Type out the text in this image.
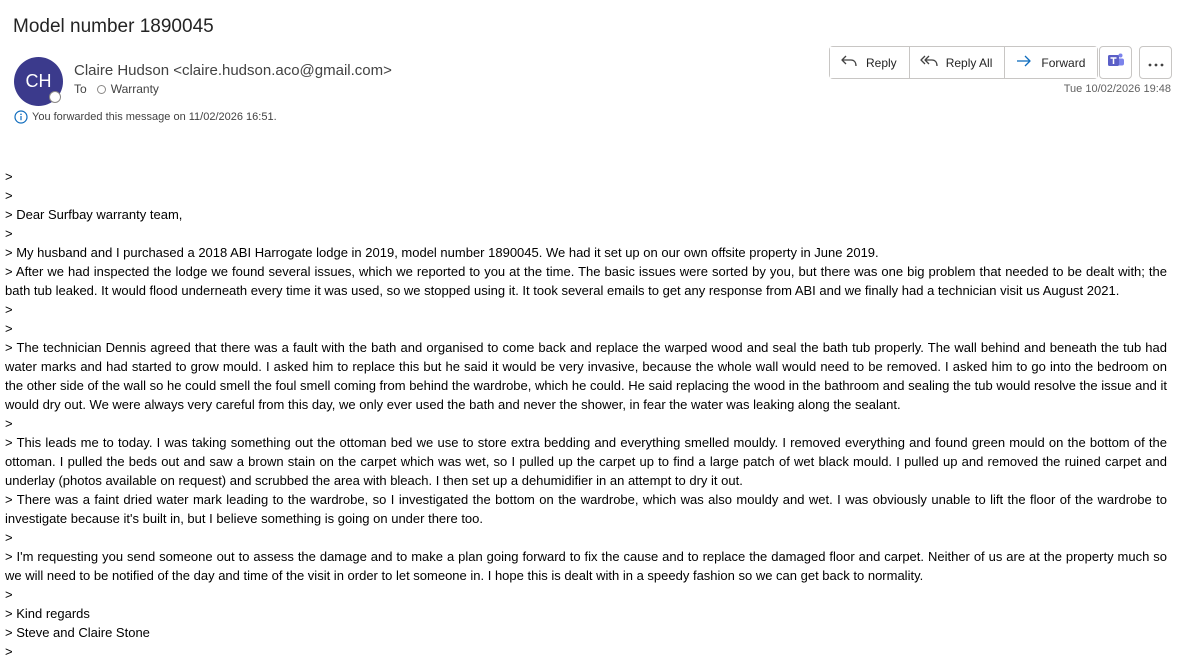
Model number 1890045
CH
Claire Hudson <claire.hudson.aco@gmail.com>
To Warranty
You forwarded this message on 11/02/2026 16:51.
Reply	Reply All	Forward
Tue 10/02/2026 19:48

>

>

> Dear Surfbay warranty team,

>

> My husband and I purchased a 2018 ABI Harrogate lodge in 2019, model number 1890045. We had it set up on our own offsite property in June 2019.

> After we had inspected the lodge we found several issues, which we reported to you at the time. The basic issues were sorted by you, but there was one big problem that needed to be dealt with; the bath tub leaked. It would flood underneath every time it was used, so we stopped using it. It took several emails to get any response from ABI and we finally had a technician visit us August 2021.

>

>

> The technician Dennis agreed that there was a fault with the bath and organised to come back and replace the warped wood and seal the bath tub properly. The wall behind and beneath the tub had water marks and had started to grow mould. I asked him to replace this but he said it would be very invasive, because the whole wall would need to be removed. I asked him to go into the bedroom on the other side of the wall so he could smell the foul smell coming from behind the wardrobe, which he could. He said replacing the wood in the bathroom and sealing the tub would resolve the issue and it would dry out. We were always very careful from this day, we only ever used the bath and never the shower, in fear the water was leaking along the sealant.

>

> This leads me to today. I was taking something out the ottoman bed we use to store extra bedding and everything smelled mouldy. I removed everything and found green mould on the bottom of the ottoman. I pulled the beds out and saw a brown stain on the carpet which was wet, so I pulled up the carpet up to find a large patch of wet black mould. I pulled up and removed the ruined carpet and underlay (photos available on request) and scrubbed the area with bleach. I then set up a dehumidifier in an attempt to dry it out.

> There was a faint dried water mark leading to the wardrobe, so I investigated the bottom on the wardrobe, which was also mouldy and wet. I was obviously unable to lift the floor of the wardrobe to investigate because it's built in, but I believe something is going on under there too.

>

> I'm requesting you send someone out to assess the damage and to make a plan going forward to fix the cause and to replace the damaged floor and carpet. Neither of us are at the property much so we will need to be notified of the day and time of the visit in order to let someone in. I hope this is dealt with in a speedy fashion so we can get back to normality.

>

> Kind regards

> Steve and Claire Stone

>
